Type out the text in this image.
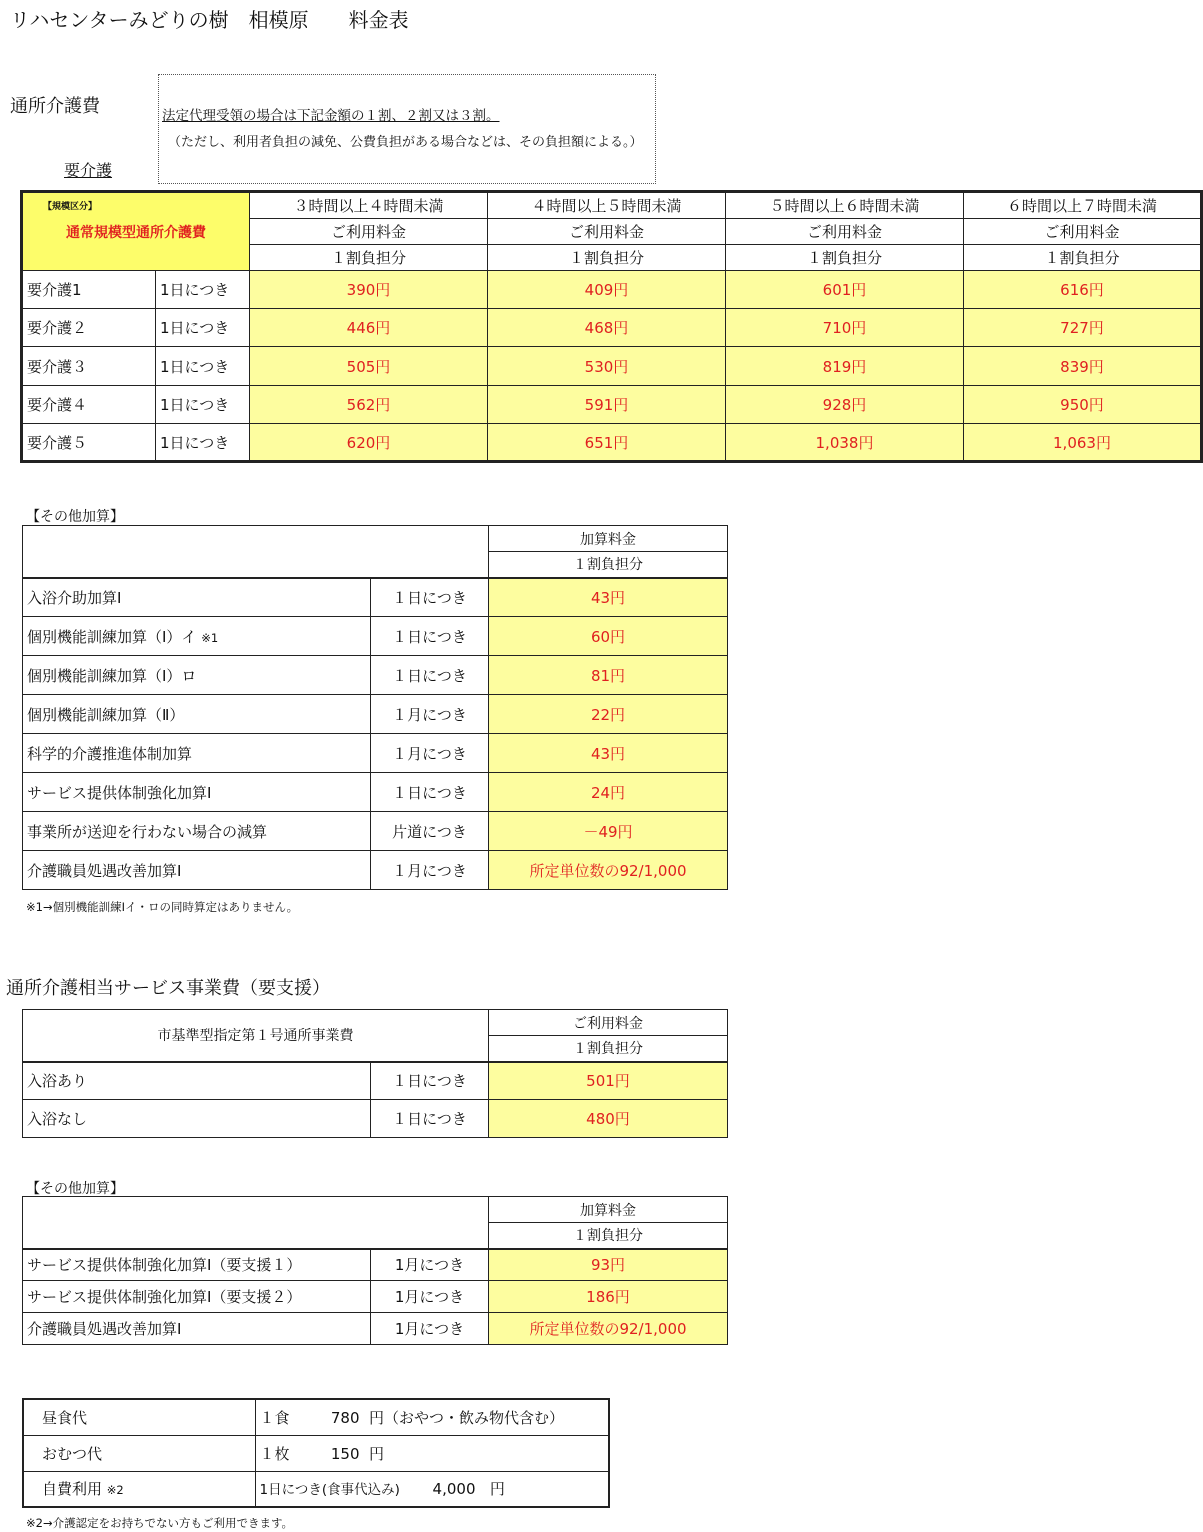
リハセンターみどりの樹　相模原　　料金表
通所介護費
要介護
法定代理受領の場合は下記金額の１割、２割又は３割。
（ただし、利用者負担の減免、公費負担がある場合などは、その負担額による。）
【規模区分】
通常規模型通所介護費		３時間以上４時間未満	４時間以上５時間未満	５時間以上６時間未満	６時間以上７時間未満
		ご利用料金	ご利用料金	ご利用料金	ご利用料金
		１割負担分	１割負担分	１割負担分	１割負担分
要介護1	1日につき	390円	409円	601円	616円
要介護２	1日につき	446円	468円	710円	727円
要介護３	1日につき	505円	530円	819円	839円
要介護４	1日につき	562円	591円	928円	950円
要介護５	1日につき	620円	651円	1,038円	1,063円
【その他加算】
		加算料金
		１割負担分
入浴介助加算Ⅰ	１日につき	43円
個別機能訓練加算（Ⅰ）イ ※1	１日につき	60円
個別機能訓練加算（Ⅰ）ロ	１日につき	81円
個別機能訓練加算（Ⅱ）	１月につき	22円
科学的介護推進体制加算	１月につき	43円
サービス提供体制強化加算Ⅰ	１日につき	24円
事業所が送迎を行わない場合の減算	片道につき	－49円
介護職員処遇改善加算Ⅰ	１月につき	所定単位数の92/1,000
※1→個別機能訓練Ⅰイ・ロの同時算定はありません。
通所介護相当サービス事業費（要支援）
市基準型指定第１号通所事業費		ご利用料金
		１割負担分
入浴あり	１日につき	501円
入浴なし	１日につき	480円
【その他加算】
		加算料金
		１割負担分
サービス提供体制強化加算Ⅰ（要支援１）	1月につき	93円
サービス提供体制強化加算Ⅰ（要支援２）	1月につき	186円
介護職員処遇改善加算Ⅰ	1月につき	所定単位数の92/1,000
昼食代	１食 780 円（おやつ・飲み物代含む）
おむつ代	１枚 150 円
自費利用 ※2	1日につき(食事代込み) 4,000 円
※2→介護認定をお持ちでない方もご利用できます。
